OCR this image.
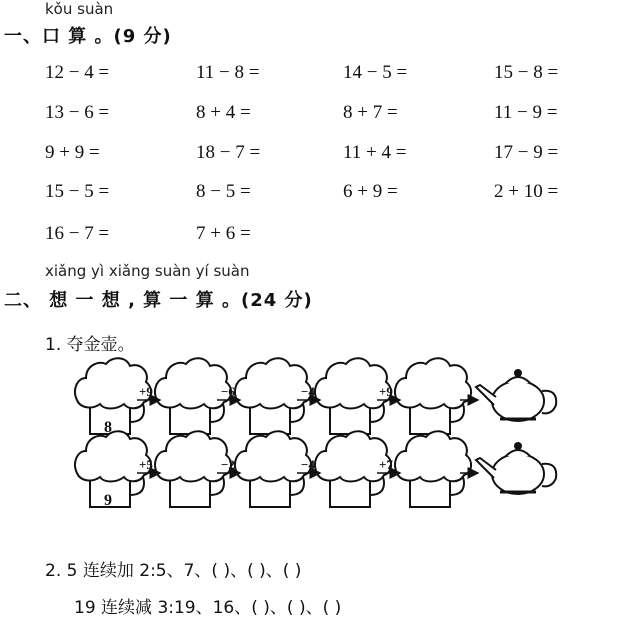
kǒu suàn
一、口 算 。(9 分)
12 − 4 =	11 − 8 =	14 − 5 =	15 − 8 =
13 − 6 =	8 + 4 =	8 + 7 =	11 − 9 =
9 + 9 =	18 − 7 =	11 + 4 =	17 − 9 =
15 − 5 =	8 − 5 =	6 + 9 =	2 + 10 =
16 − 7 =	7 + 6 =
xiǎng yì xiǎng suàn yí suàn
二、 想 一 想 , 算 一 算 。(24 分)
1. 夺金壶。
8
+9	−6	−4	+9
9
+5	−2	−4	+7
2. 5 连续加 2:5、7、( )、( )、( )
19 连续减 3:19、16、( )、( )、( )
